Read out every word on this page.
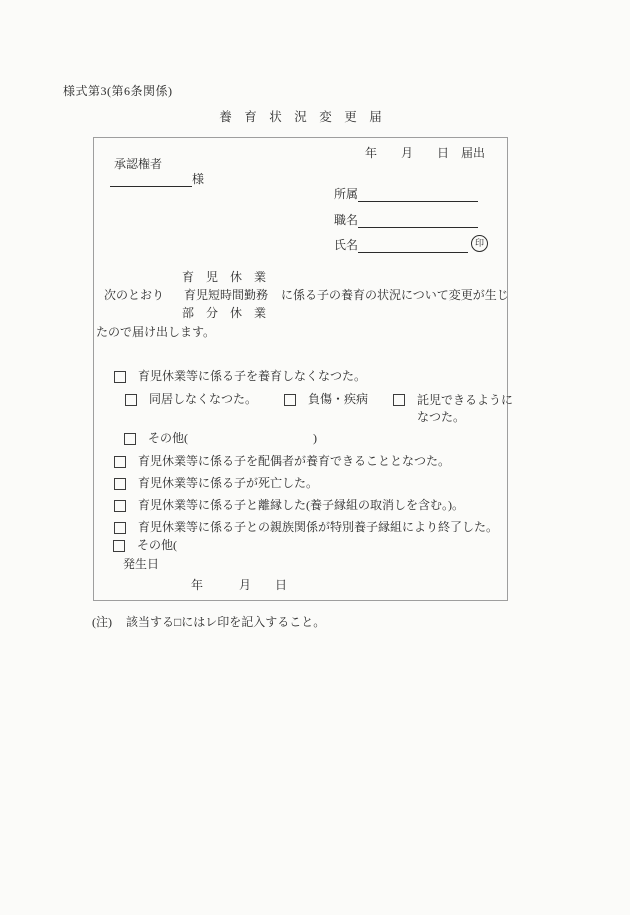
様式第3(第6条関係)
養　育　状　況　変　更　届
年　　月　　日　届出
承認権者
様
所属
職名
氏名	印
育　児　休　業
次のとおり 育児短時間勤務 に係る子の養育の状況について変更が生じ
部　分　休　業
たので届け出します。
育児休業等に係る子を養育しなくなつた。
同居しなくなつた。	負傷・疾病	託児できるように
なつた。
その他(	)
育児休業等に係る子を配偶者が養育できることとなつた。
育児休業等に係る子が死亡した。
育児休業等に係る子と離縁した(養子縁組の取消しを含む。)。
育児休業等に係る子との親族関係が特別養子縁組により終了した。
その他(
発生日
年　　　月　　日
(注) 該当する□にはレ印を記入すること。
